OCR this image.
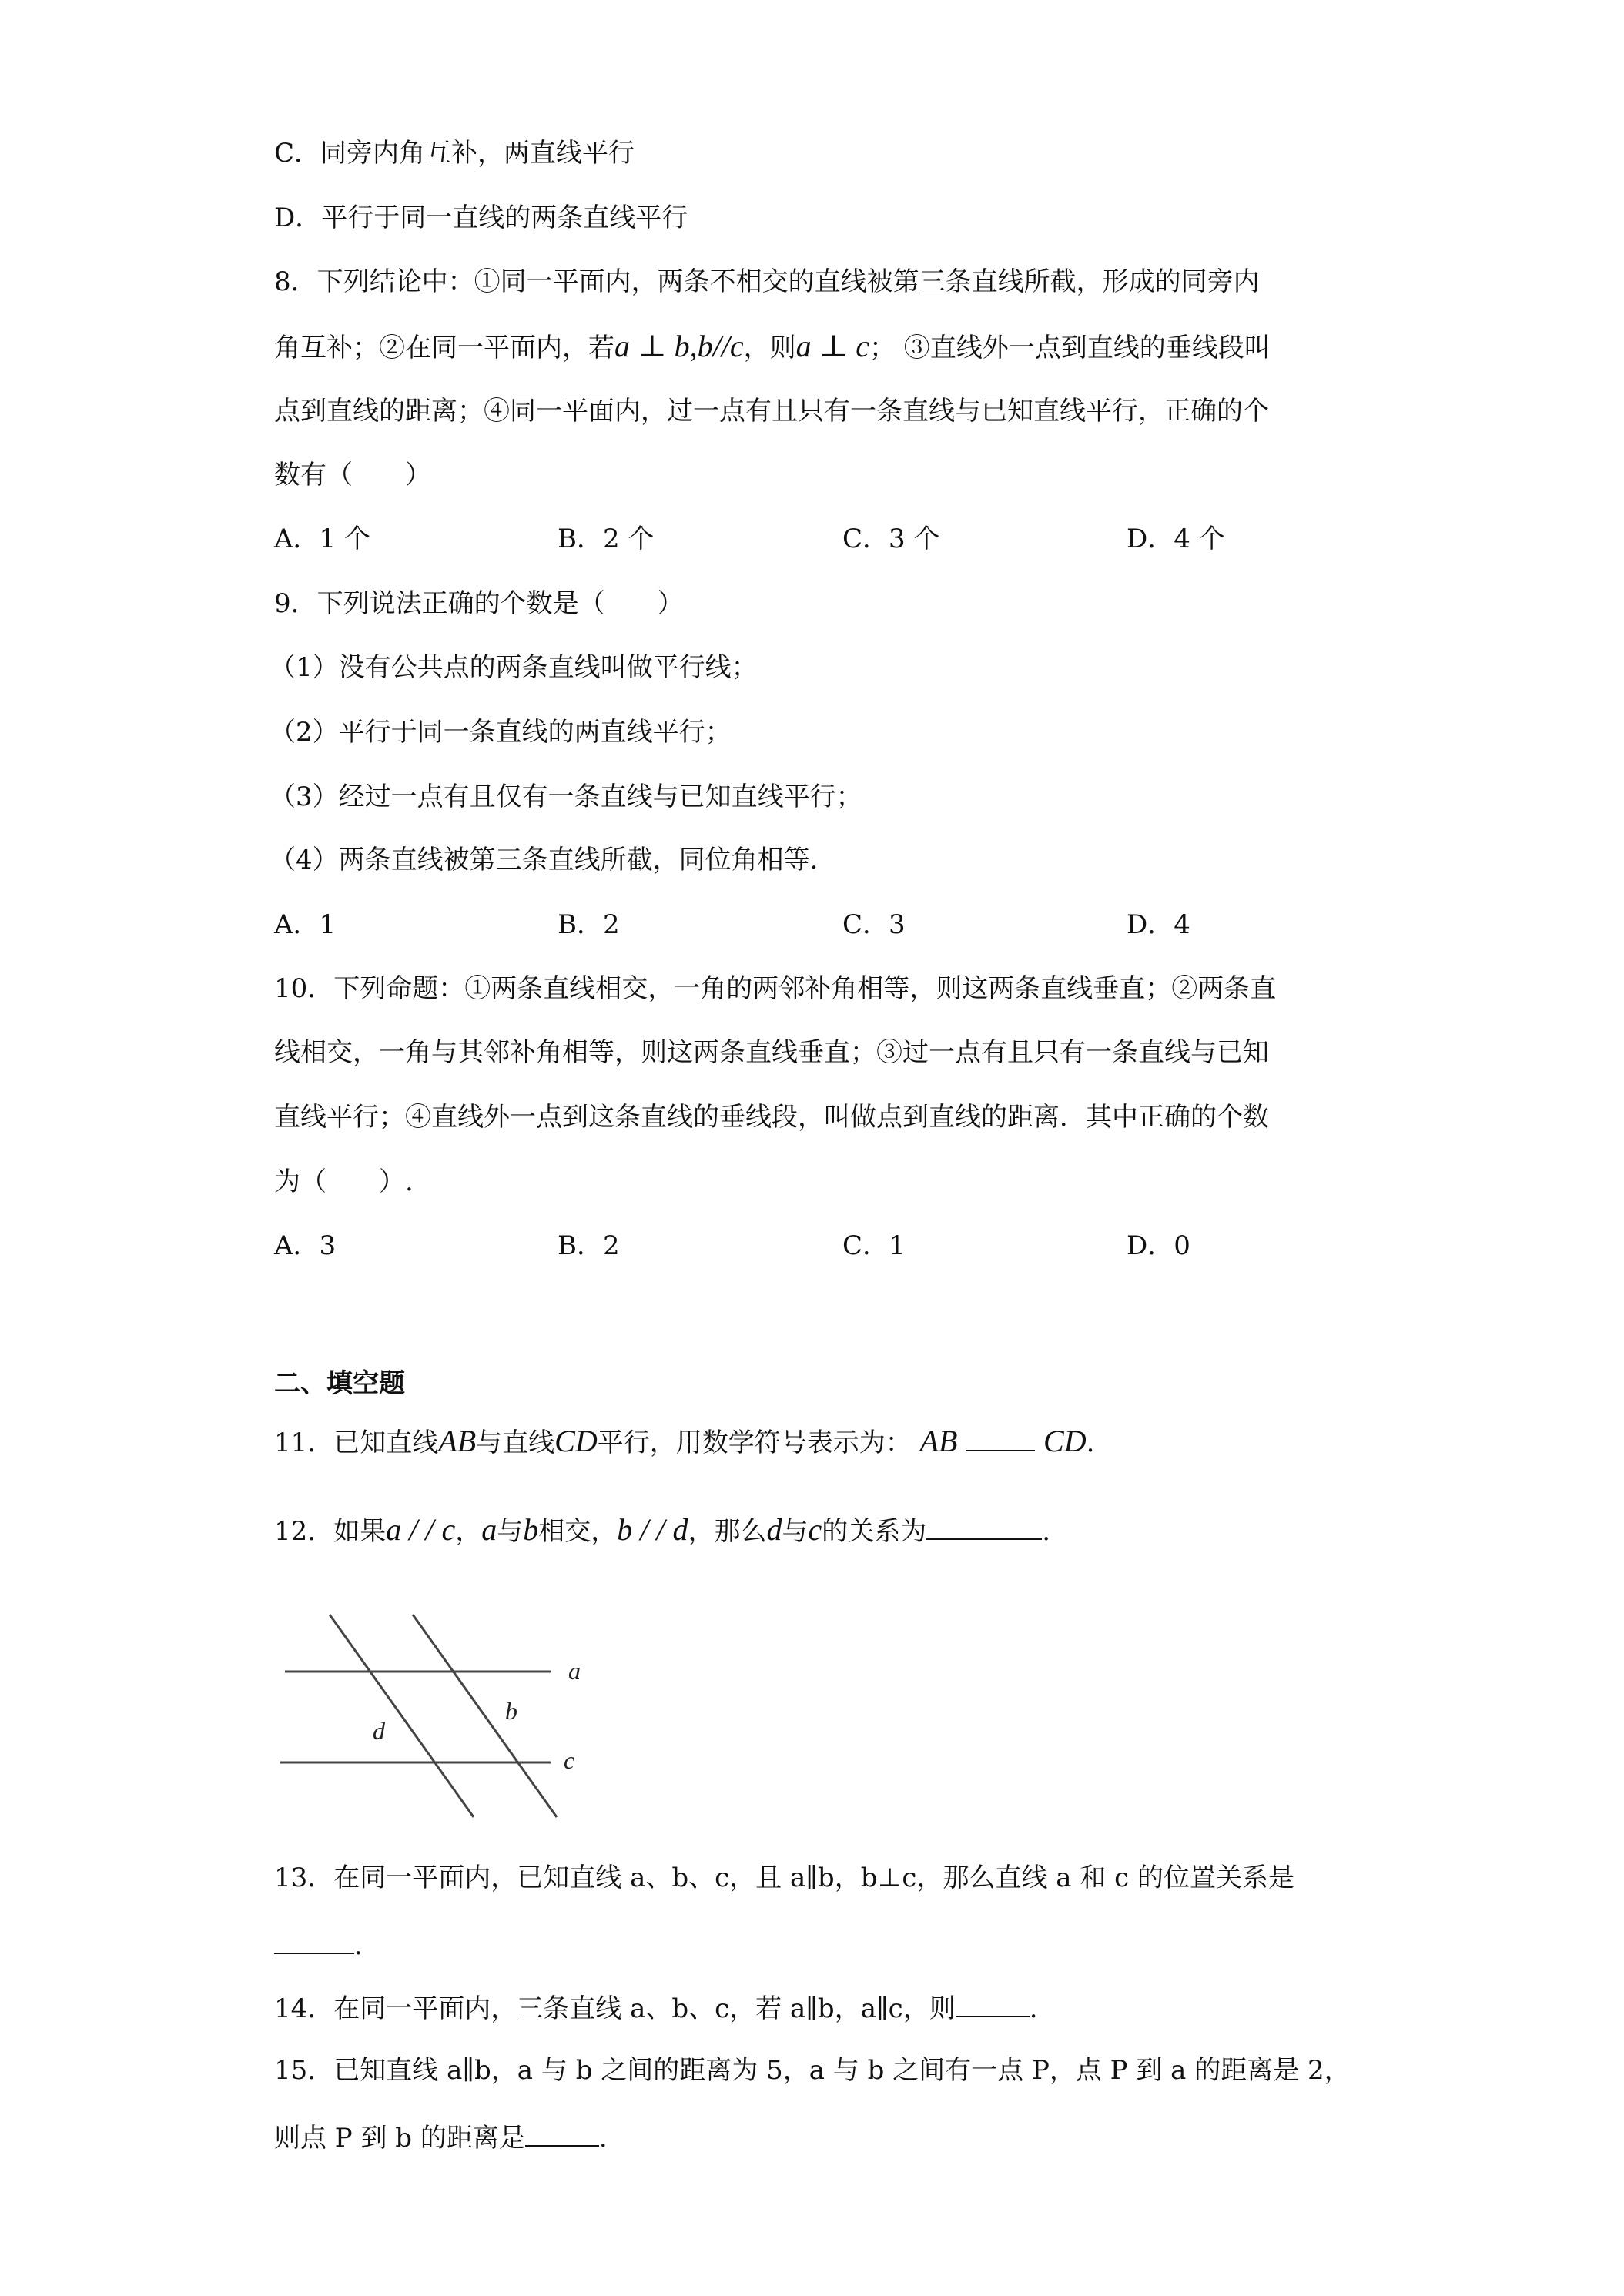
C．同旁内角互补，两直线平行
D．平行于同一直线的两条直线平行
8．下列结论中：①同一平面内，两条不相交的直线被第三条直线所截，形成的同旁内
角互补；②在同一平面内，若a ⊥ b,b//c，则a ⊥ c； ③直线外一点到直线的垂线段叫
点到直线的距离；④同一平面内，过一点有且只有一条直线与已知直线平行，正确的个
数有（　　）
A．1 个	B．2 个	C．3 个	D．4 个
9．下列说法正确的个数是（　　）
（1）没有公共点的两条直线叫做平行线；
（2）平行于同一条直线的两直线平行；
（3）经过一点有且仅有一条直线与已知直线平行；
（4）两条直线被第三条直线所截，同位角相等.
A．1	B．2	C．3	D．4
10．下列命题：①两条直线相交，一角的两邻补角相等，则这两条直线垂直；②两条直
线相交，一角与其邻补角相等，则这两条直线垂直；③过一点有且只有一条直线与已知
直线平行；④直线外一点到这条直线的垂线段，叫做点到直线的距离．其中正确的个数
为（　　）.
A．3	B．2	C．1	D．0
二、填空题
11．已知直线AB与直线CD平行，用数学符号表示为： AB	CD.
12．如果a / / c，a与b相交，b / / d，那么d与c的关系为	.
a
b
c
d
13．在同一平面内，已知直线 a、b、c，且 a∥b，b⊥c，那么直线 a 和 c 的位置关系是
.
14．在同一平面内，三条直线 a、b、c，若 a∥b，a∥c，则	.
15．已知直线 a∥b，a 与 b 之间的距离为 5，a 与 b 之间有一点 P，点 P 到 a 的距离是 2，
则点 P 到 b 的距离是	.
